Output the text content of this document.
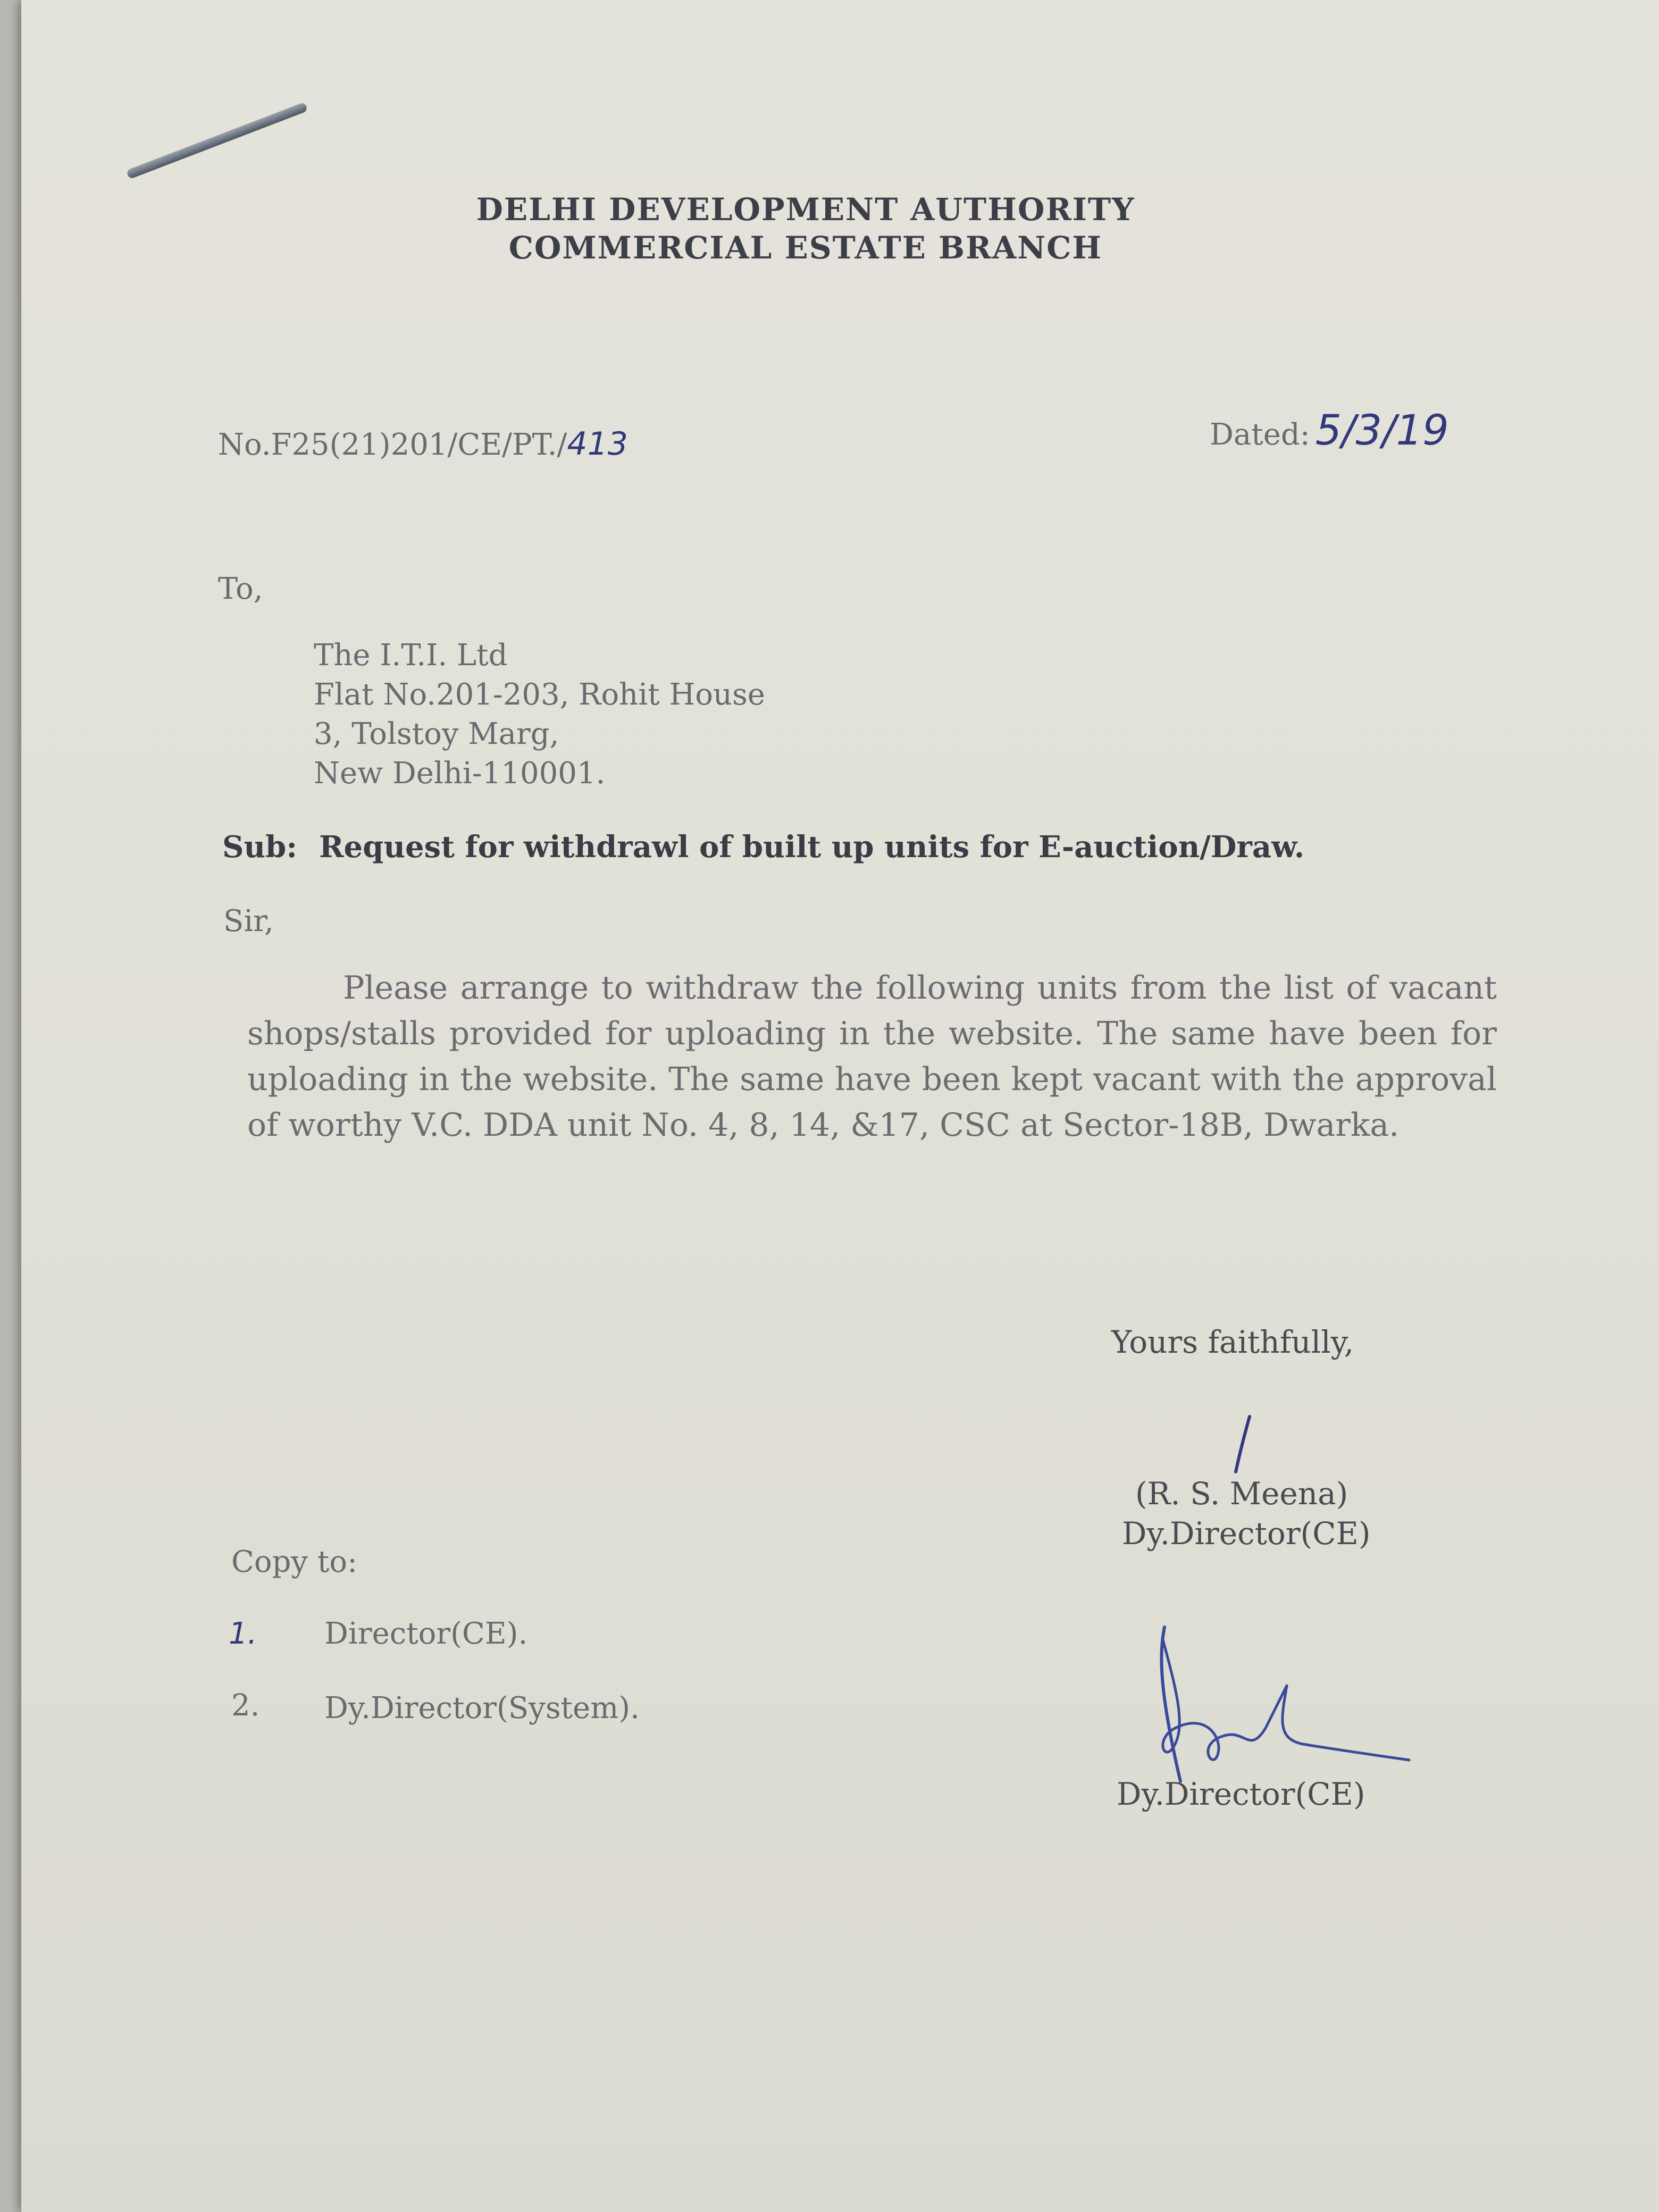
DELHI DEVELOPMENT AUTHORITY
COMMERCIAL ESTATE BRANCH
No.F25(21)201/CE/PT./413	Dated: 5/3/19
To,
The I.T.I. Ltd
Flat No.201-203, Rohit House
3, Tolstoy Marg,
New Delhi-110001.
Sub: Request for withdrawl of built up units for E-auction/Draw.
Sir,
Please arrange to withdraw the following units from the list of vacant shops/stalls provided for uploading in the website. The same have been for uploading in the website. The same have been kept vacant with the approval of worthy V.C. DDA unit No. 4, 8, 14, &17, CSC at Sector-18B, Dwarka.
Yours faithfully,
(R. S. Meena)
Dy.Director(CE)
Copy to:
1. Director(CE).
2. Dy.Director(System).
Dy.Director(CE)
